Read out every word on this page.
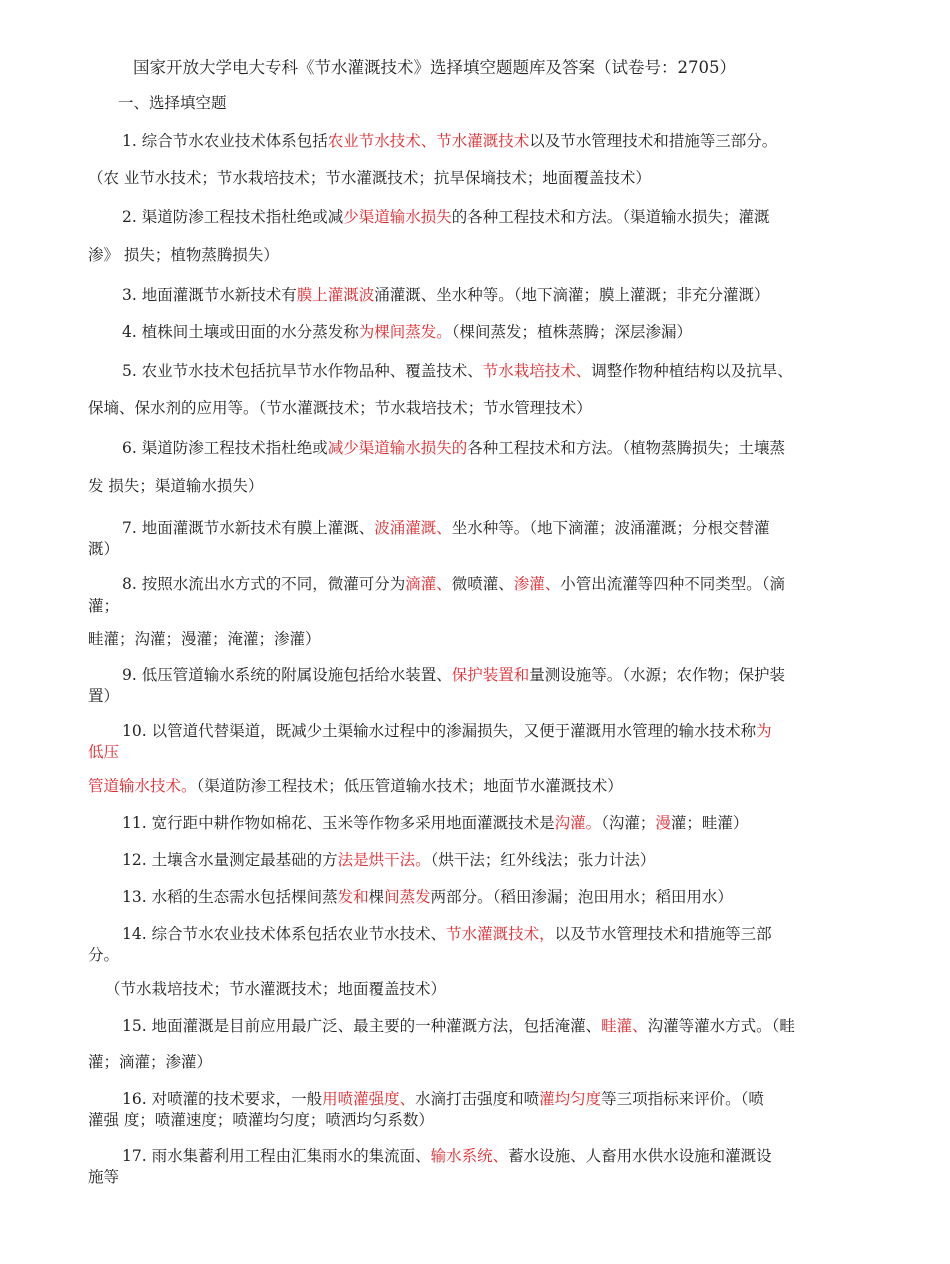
国家开放大学电大专科《节水灌溉技术》选择填空题题库及答案（试卷号：2705）
一、选择填空题
1. 综合节水农业技术体系包括农业节水技术、节水灌溉技术以及节水管理技术和措施等三部分。
（农 业节水技术；节水栽培技术；节水灌溉技术；抗旱保墒技术；地面覆盖技术）
2. 渠道防渗工程技术指杜绝或减少渠道输水损失的各种工程技术和方法。（渠道输水损失；灌溉
渗》 损失；植物蒸腾损失）
3. 地面灌溉节水新技术有膜上灌溉波涌灌溉、坐水种等。（地下滴灌；膜上灌溉；非充分灌溉）
4. 植株间土壤或田面的水分蒸发称为棵间蒸发。（棵间蒸发；植株蒸腾；深层渗漏）
5. 农业节水技术包括抗旱节水作物品种、覆盖技术、节水栽培技术、调整作物种植结构以及抗旱、
保墒、保水剂的应用等。（节水灌溉技术；节水栽培技术；节水管理技术）
6. 渠道防渗工程技术指杜绝或减少渠道输水损失的各种工程技术和方法。（植物蒸腾损失；土壤蒸
发 损失；渠道输水损失）
7. 地面灌溉节水新技术有膜上灌溉、波涌灌溉、坐水种等。（地下滴灌；波涌灌溉；分根交替灌
溉）
8. 按照水流出水方式的不同，微灌可分为滴灌、微喷灌、渗灌、小管出流灌等四种不同类型。（滴
灌；
畦灌；沟灌；漫灌；淹灌；渗灌）
9. 低压管道输水系统的附属设施包括给水装置、保护装置和量测设施等。（水源；农作物；保护装
置）
10. 以管道代替渠道，既减少土渠输水过程中的渗漏损失，又便于灌溉用水管理的输水技术称为
低压
管道输水技术。（渠道防渗工程技术；低压管道输水技术；地面节水灌溉技术）
11. 宽行距中耕作物如棉花、玉米等作物多采用地面灌溉技术是沟灌。（沟灌；漫灌；畦灌）
12. 土壤含水量测定最基础的方法是烘干法。（烘干法；红外线法；张力计法）
13. 水稻的生态需水包括棵间蒸发和棵间蒸发两部分。（稻田渗漏；泡田用水；稻田用水）
14. 综合节水农业技术体系包括农业节水技术、节水灌溉技术，以及节水管理技术和措施等三部
分。
（节水栽培技术；节水灌溉技术；地面覆盖技术）
15. 地面灌溉是目前应用最广泛、最主要的一种灌溉方法，包括淹灌、畦灌、沟灌等灌水方式。（畦
灌；滴灌；渗灌）
16. 对喷灌的技术要求，一般用喷灌强度、水滴打击强度和喷灌均匀度等三项指标来评价。（喷
灌强 度；喷灌速度；喷灌均匀度；喷洒均匀系数）
17. 雨水集蓄利用工程由汇集雨水的集流面、输水系统、蓄水设施、人畜用水供水设施和灌溉设
施等
